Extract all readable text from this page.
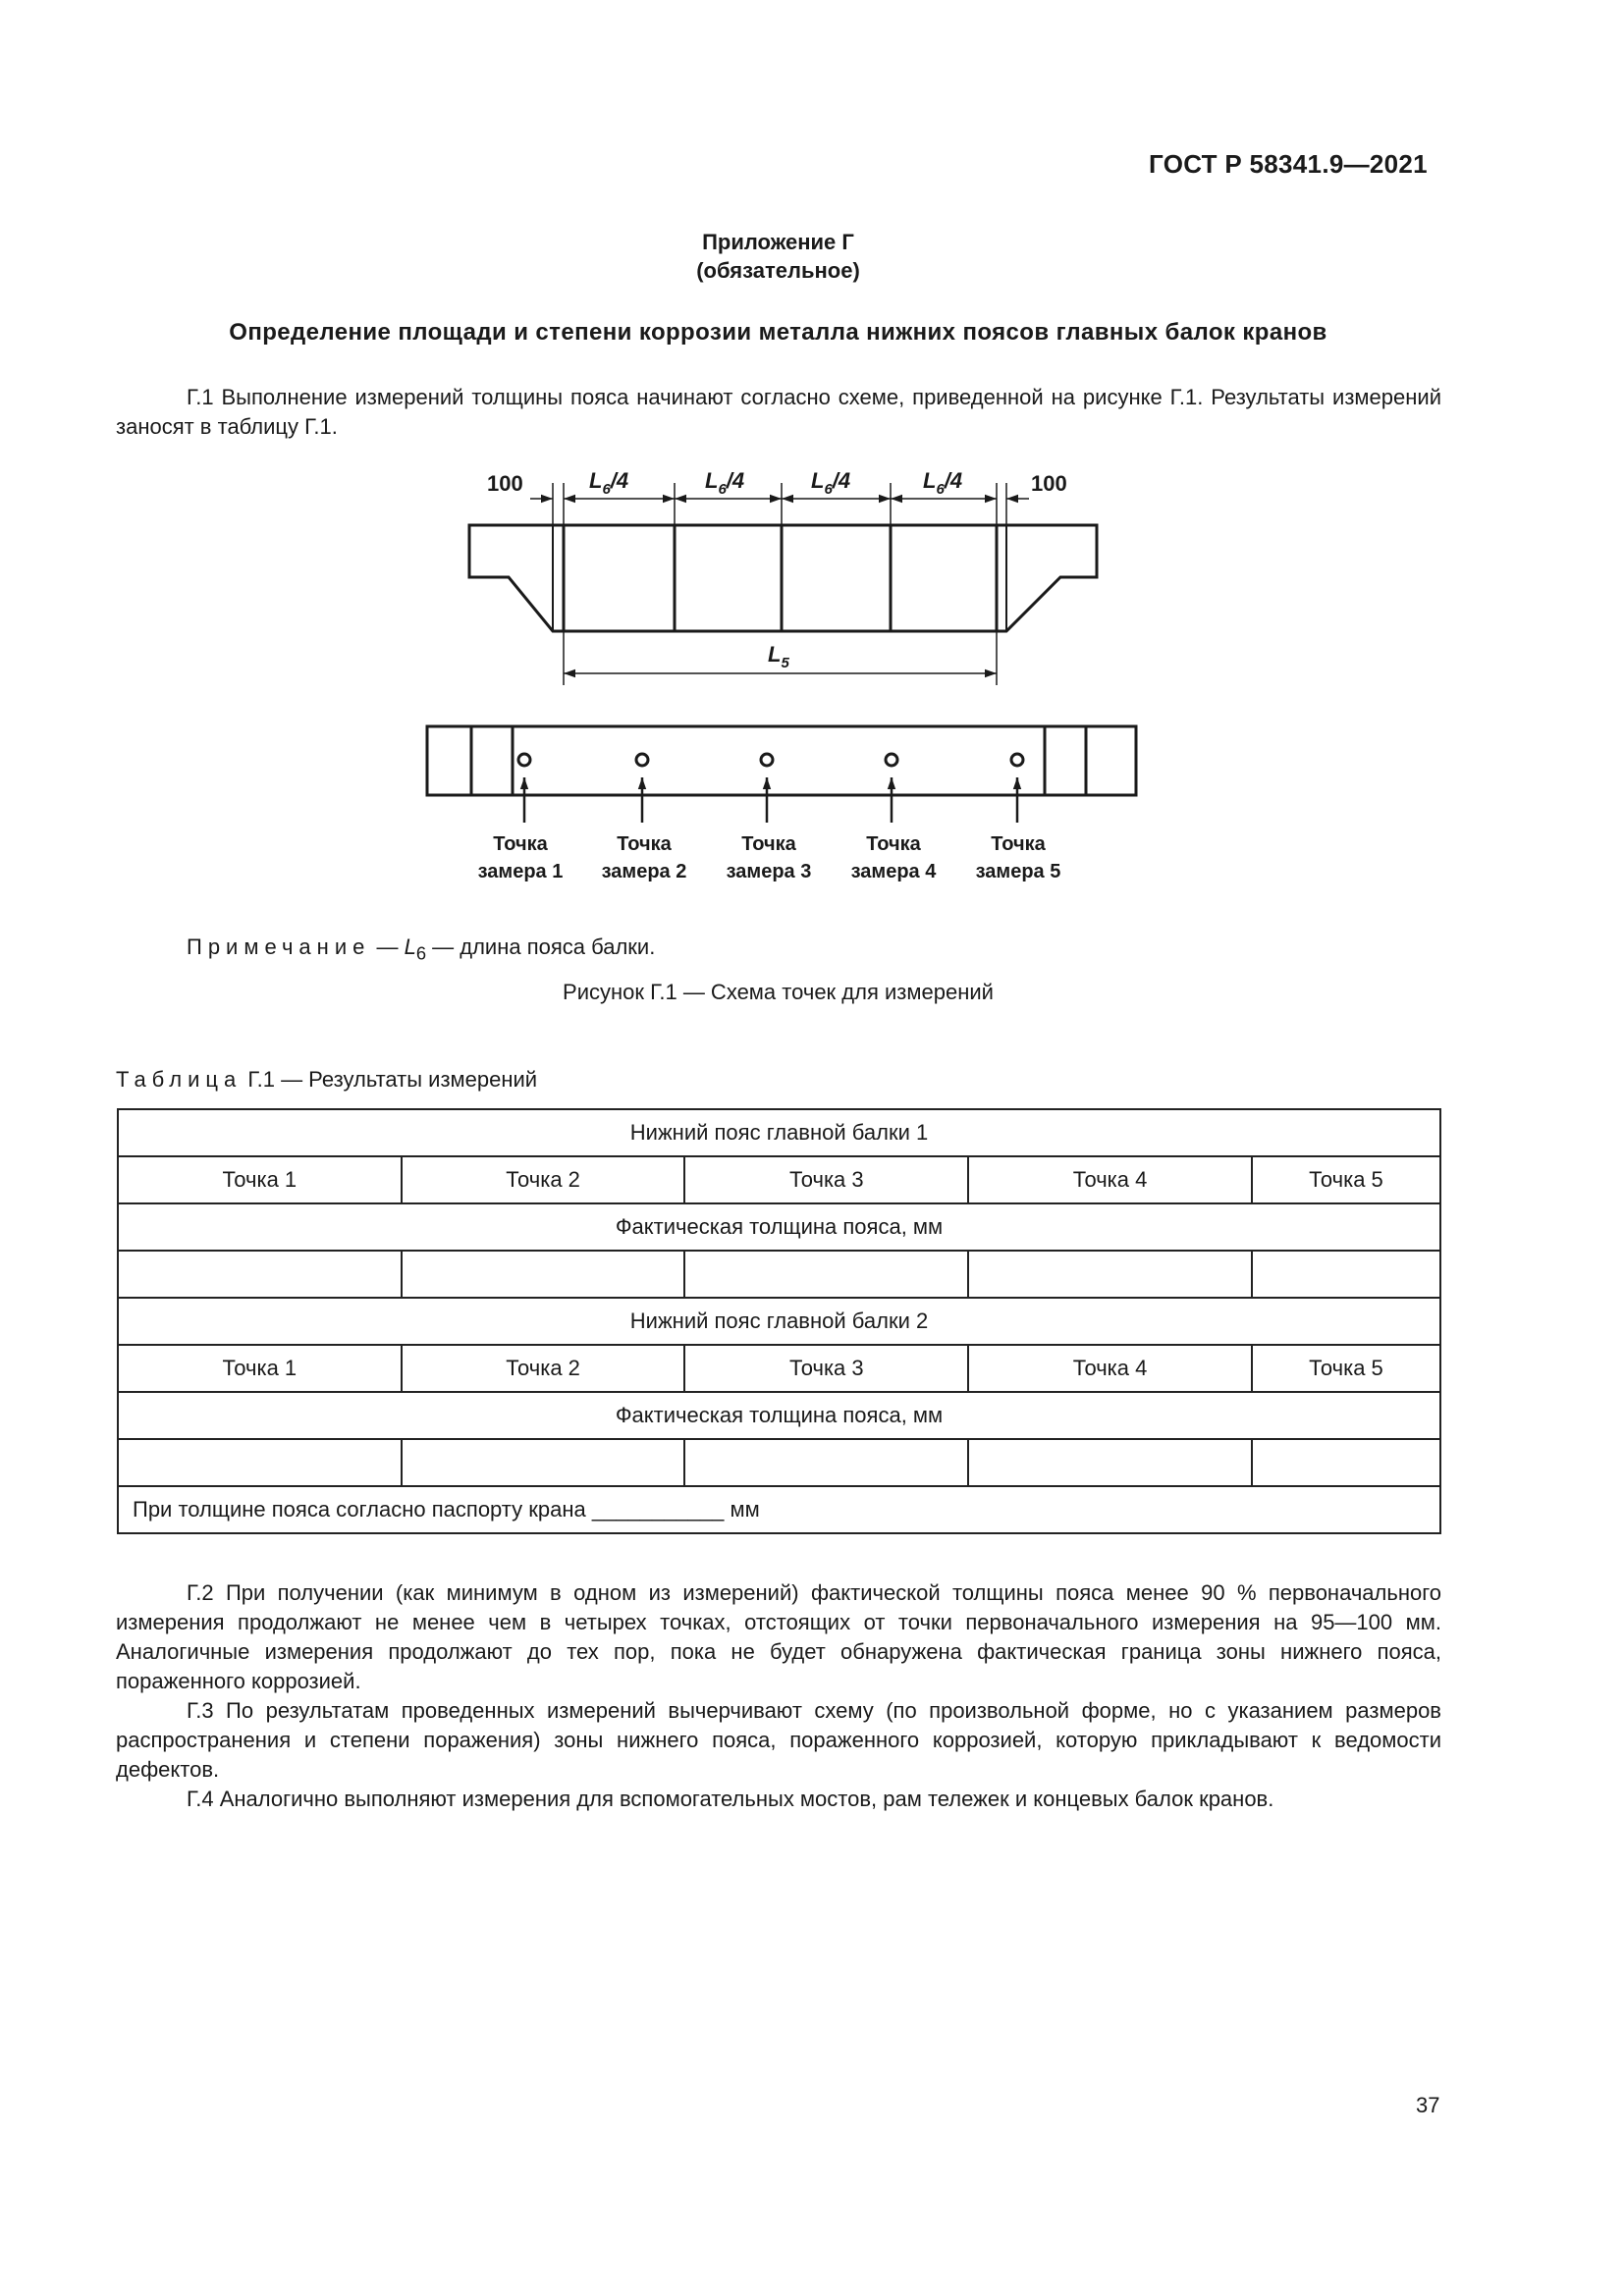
ГОСТ Р 58341.9—2021
Приложение Г
(обязательное)
Определение площади и степени коррозии металла нижних поясов главных балок кранов
Г.1 Выполнение измерений толщины пояса начинают согласно схеме, приведенной на рисунке Г.1. Результаты измерений заносят в таблицу Г.1.
100	100
$L_6/4$	$L_6/4$	$L_6/4$	$L_6/4$
$L_5$
Точка
замера 1
Точка
замера 2
Точка
замера 3
Точка
замера 4
Точка
замера 5
Примечание — $L_6$ — длина пояса балки.
Рисунок Г.1 — Схема точек для измерений
Таблица Г.1 — Результаты измерений
Нижний пояс главной балки 1				
Точка 1	Точка 2	Точка 3	Точка 4	Точка 5
Фактическая толщина пояса, мм				

Нижний пояс главной балки 2				
Точка 1	Точка 2	Точка 3	Точка 4	Точка 5
Фактическая толщина пояса, мм				

При толщине пояса согласно паспорту крана ___________ мм				
Г.2 При получении (как минимум в одном из измерений) фактической толщины пояса менее 90 % первоначального измерения продолжают не менее чем в четырех точках, отстоящих от точки первоначального измерения на 95—100 мм. Аналогичные измерения продолжают до тех пор, пока не будет обнаружена фактическая граница зоны нижнего пояса, пораженного коррозией.
Г.3 По результатам проведенных измерений вычерчивают схему (по произвольной форме, но с указанием размеров распространения и степени поражения) зоны нижнего пояса, пораженного коррозией, которую прикладывают к ведомости дефектов.
Г.4 Аналогично выполняют измерения для вспомогательных мостов, рам тележек и концевых балок кранов.
37
